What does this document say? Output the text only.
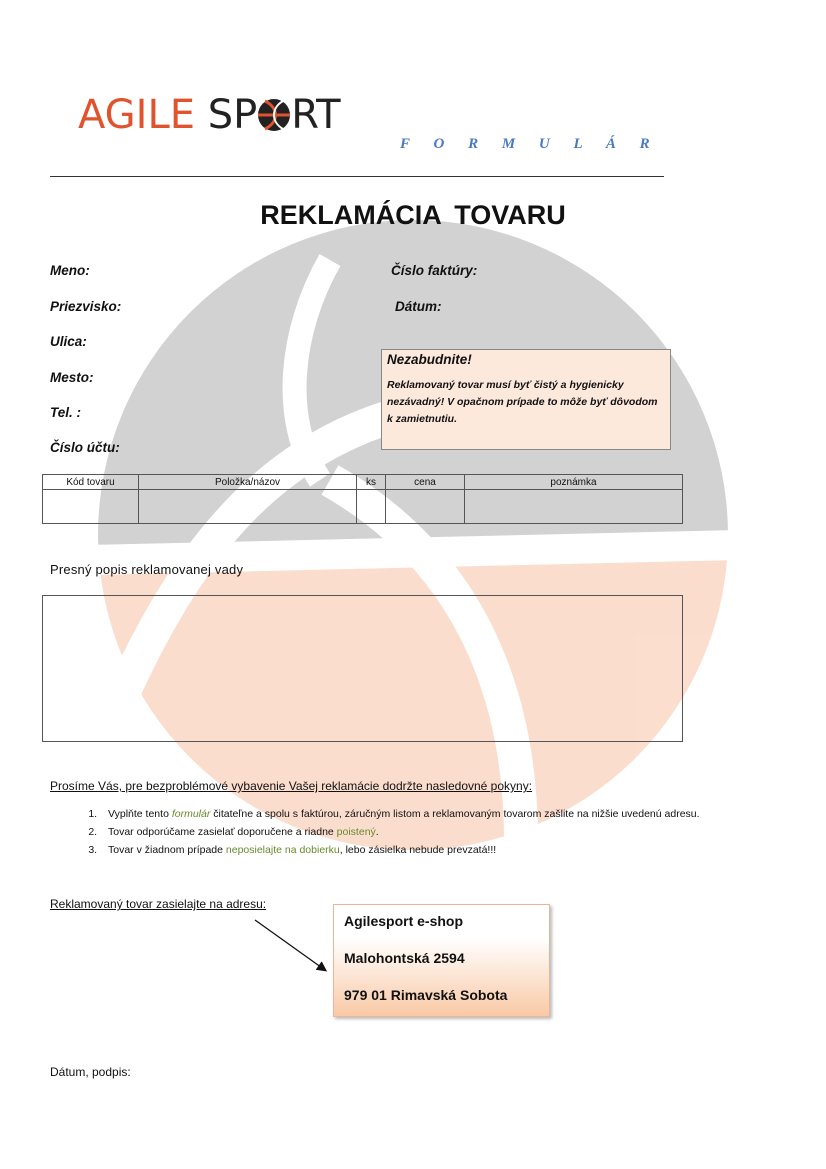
AGILE SP RT
F O R M U L Á R
REKLAMÁCIA TOVARU
Meno:
Priezvisko:
Ulica:
Mesto:
Tel. :
Číslo účtu:
Číslo faktúry:
Dátum:
Nezabudnite!
Reklamovaný tovar musí byť čistý a hygienicky nezávadný! V opačnom prípade to môže byť dôvodom k zamietnutiu.
Kód tovaru	Položka/názov	ks	cena	poznámka

Presný popis reklamovanej vady
Prosíme Vás, pre bezproblémové vybavenie Vašej reklamácie dodržte nasledovné pokyny:
1. Vyplňte tento formulár čitateľne a spolu s faktúrou, záručným listom a reklamovaným tovarom zašlite na nižšie uvedenú adresu.
2. Tovar odporúčame zasielať doporučene a riadne poistený.
3. Tovar v žiadnom prípade neposielajte na dobierku, lebo zásielka nebude prevzatá!!!
Reklamovaný tovar zasielajte na adresu:
Agilesport e-shop
Malohontská 2594
979 01 Rimavská Sobota
Dátum, podpis:
